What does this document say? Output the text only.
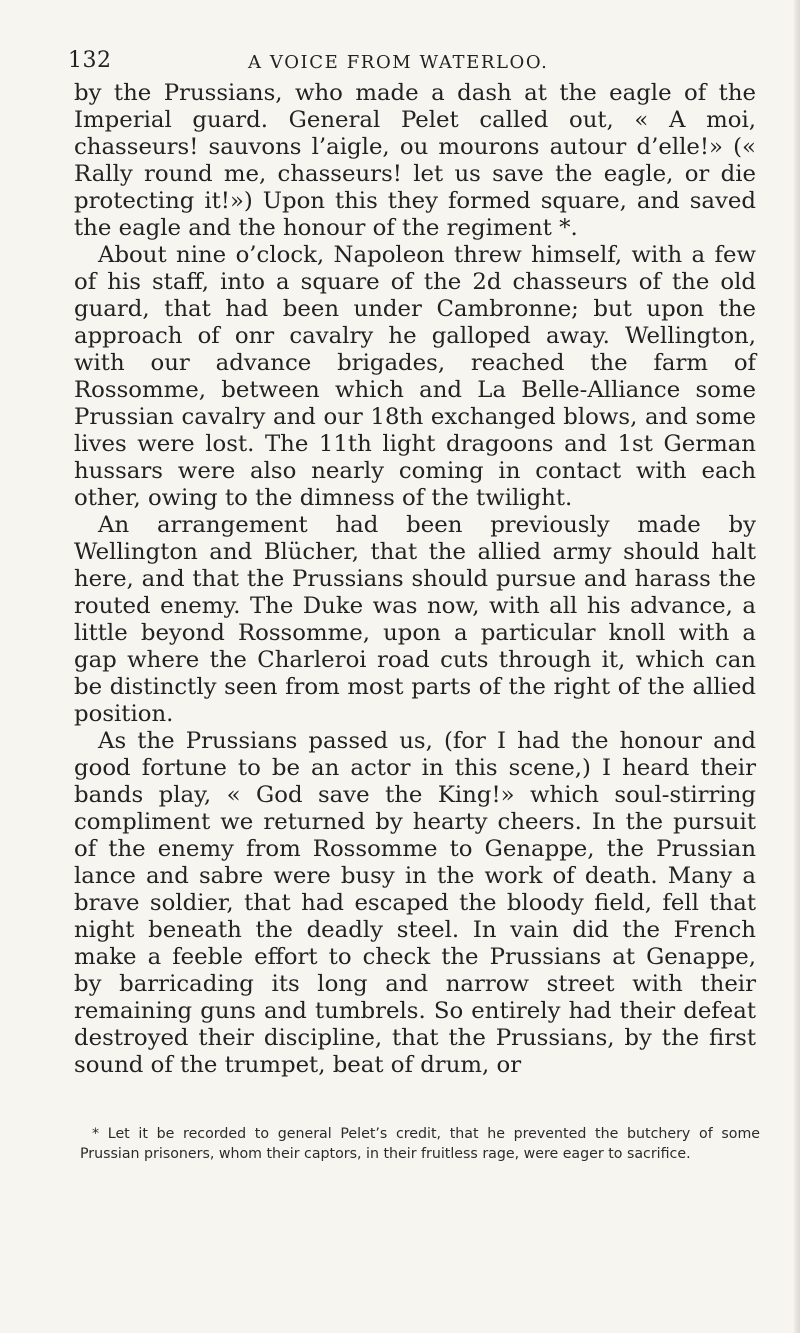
132	A VOICE FROM WATERLOO.

by the Prussians, who made a dash at the eagle of the Imperial guard. General Pelet called out, « A moi, chasseurs! sauvons l’aigle, ou mourons autour d’elle!» (« Rally round me, chasseurs! let us save the eagle, or die protecting it!») Upon this they formed square, and saved the eagle and the honour of the regiment *.

About nine o’clock, Napoleon threw himself, with a few of his staff, into a square of the 2d chasseurs of the old guard, that had been under Cambronne; but upon the approach of onr cavalry he galloped away. Wellington, with our advance brigades, reached the farm of Rossomme, between which and La Belle-Alliance some Prussian cavalry and our 18th exchanged blows, and some lives were lost. The 11th light dragoons and 1st German hussars were also nearly coming in contact with each other, owing to the dimness of the twilight.

An arrangement had been previously made by Wellington and Blücher, that the allied army should halt here, and that the Prussians should pursue and harass the routed enemy. The Duke was now, with all his advance, a little beyond Rossomme, upon a particular knoll with a gap where the Charleroi road cuts through it, which can be distinctly seen from most parts of the right of the allied position.

As the Prussians passed us, (for I had the honour and good fortune to be an actor in this scene,) I heard their bands play, « God save the King!» which soul-stirring compliment we returned by hearty cheers. In the pursuit of the enemy from Rossomme to Genappe, the Prussian lance and sabre were busy in the work of death. Many a brave soldier, that had escaped the bloody field, fell that night beneath the deadly steel. In vain did the French make a feeble effort to check the Prussians at Genappe, by barricading its long and narrow street with their remaining guns and tumbrels. So entirely had their defeat destroyed their discipline, that the Prussians, by the first sound of the trumpet, beat of drum, or

* Let it be recorded to general Pelet’s credit, that he prevented the butchery of some Prussian prisoners, whom their captors, in their fruitless rage, were eager to sacrifice.
